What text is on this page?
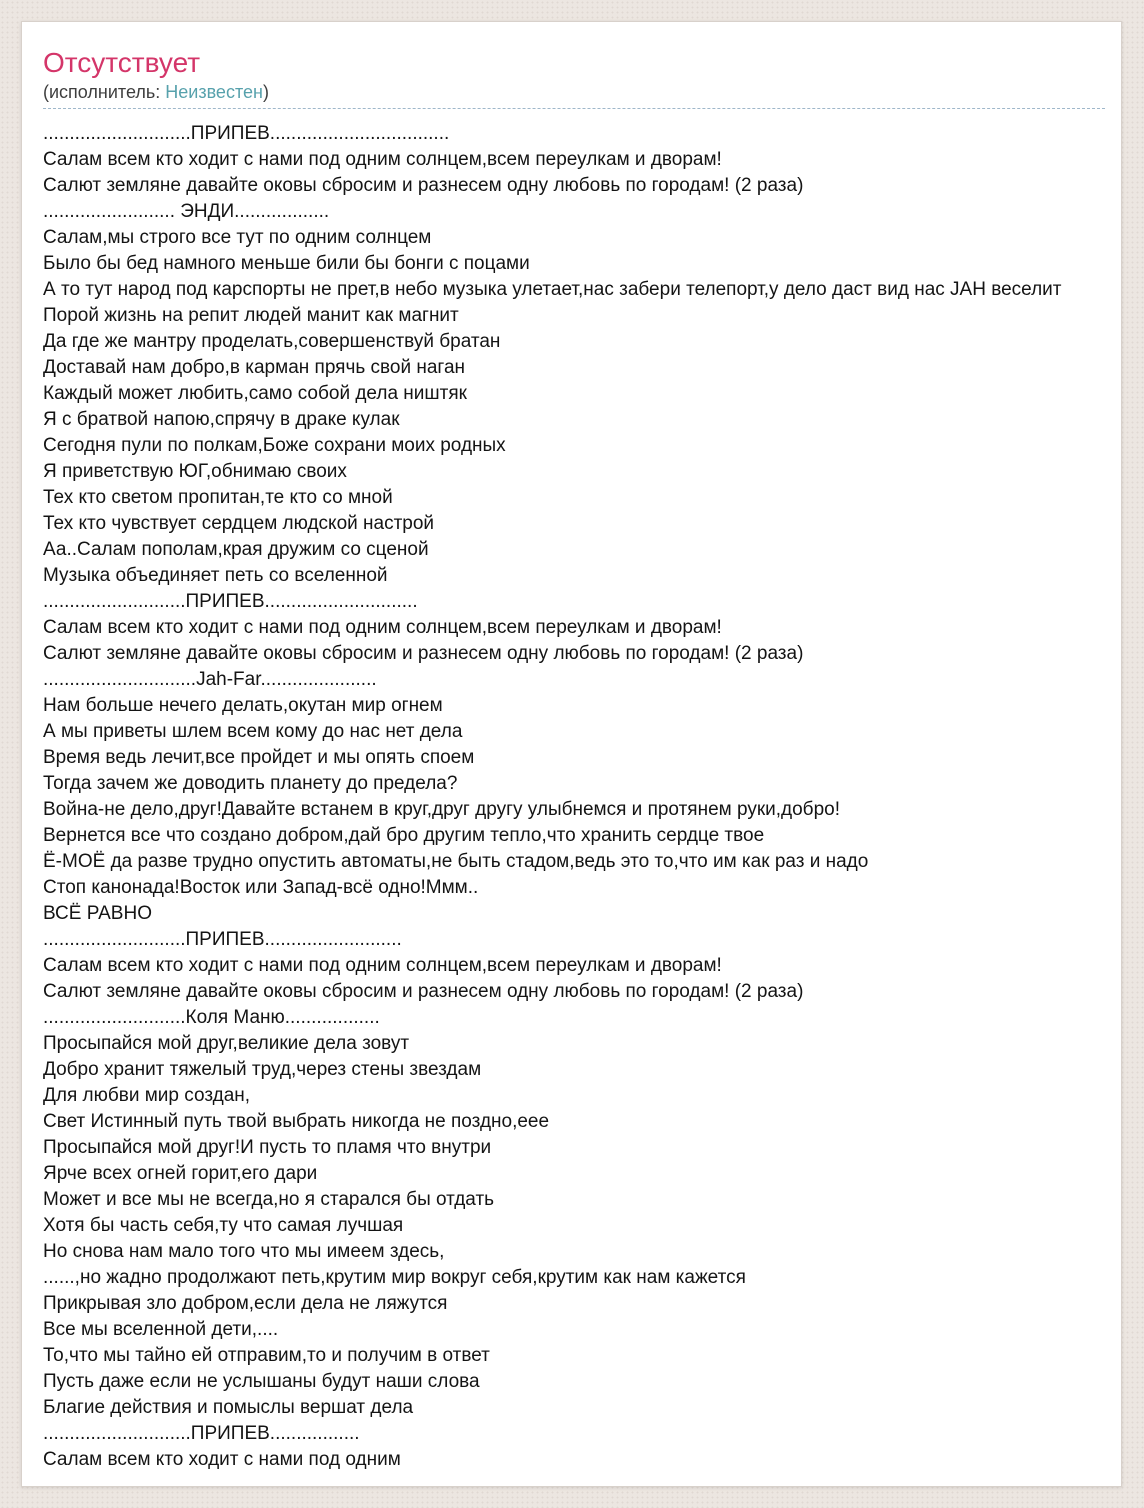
Отсутствует
(исполнитель: Неизвестен)
............................ПРИПЕВ..................................
Салам всем кто ходит с нами под одним солнцем,всем переулкам и дворам!
Салют земляне давайте оковы сбросим и разнесем одну любовь по городам! (2 раза)
......................... ЭНДИ..................
Салам,мы строго все тут по одним солнцем
Было бы бед намного меньше били бы бонги с поцами
А то тут народ под карспорты не прет,в небо музыка улетает,нас забери телепорт,у дело даст вид нас JAH веселит
Порой жизнь на репит людей манит как магнит
Да где же мантру проделать,совершенствуй братан
Доставай нам добро,в карман прячь свой наган
Каждый может любить,само собой дела ништяк
Я с братвой напою,спрячу в драке кулак
Сегодня пули по полкам,Боже сохрани моих родных
Я приветствую ЮГ,обнимаю своих
Тех кто светом пропитан,те кто со мной
Тех кто чувствует сердцем людской настрой
Аа..Салам пополам,края дружим со сценой
Музыка объединяет петь со вселенной
...........................ПРИПЕВ.............................
Салам всем кто ходит с нами под одним солнцем,всем переулкам и дворам!
Салют земляне давайте оковы сбросим и разнесем одну любовь по городам! (2 раза)
.............................Jah-Far......................
Нам больше нечего делать,окутан мир огнем
А мы приветы шлем всем кому до нас нет дела
Время ведь лечит,все пройдет и мы опять споем
Тогда зачем же доводить планету до предела?
Война-не дело,друг!Давайте встанем в круг,друг другу улыбнемся и протянем руки,добро!
Вернется все что создано добром,дай бро другим тепло,что хранить сердце твое
Ё-МОЁ да разве трудно опустить автоматы,не быть стадом,ведь это то,что им как раз и надо
Стоп канонада!Восток или Запад-всё одно!Ммм..
ВСЁ РАВНО
...........................ПРИПЕВ..........................
Салам всем кто ходит с нами под одним солнцем,всем переулкам и дворам!
Салют земляне давайте оковы сбросим и разнесем одну любовь по городам! (2 раза)
...........................Коля Маню..................
Просыпайся мой друг,великие дела зовут
Добро хранит тяжелый труд,через стены звездам
Для любви мир создан,
Свет Истинный путь твой выбрать никогда не поздно,еее
Просыпайся мой друг!И пусть то пламя что внутри
Ярче всех огней горит,его дари
Может и все мы не всегда,но я старался бы отдать
Хотя бы часть себя,ту что самая лучшая
Но снова нам мало того что мы имеем здесь,
......,но жадно продолжают петь,крутим мир вокруг себя,крутим как нам кажется
Прикрывая зло добром,если дела не ляжутся
Все мы вселенной дети,....
То,что мы тайно ей отправим,то и получим в ответ
Пусть даже если не услышаны будут наши слова
Благие действия и помыслы вершат дела
............................ПРИПЕВ.................
Салам всем кто ходит с нами под одним
